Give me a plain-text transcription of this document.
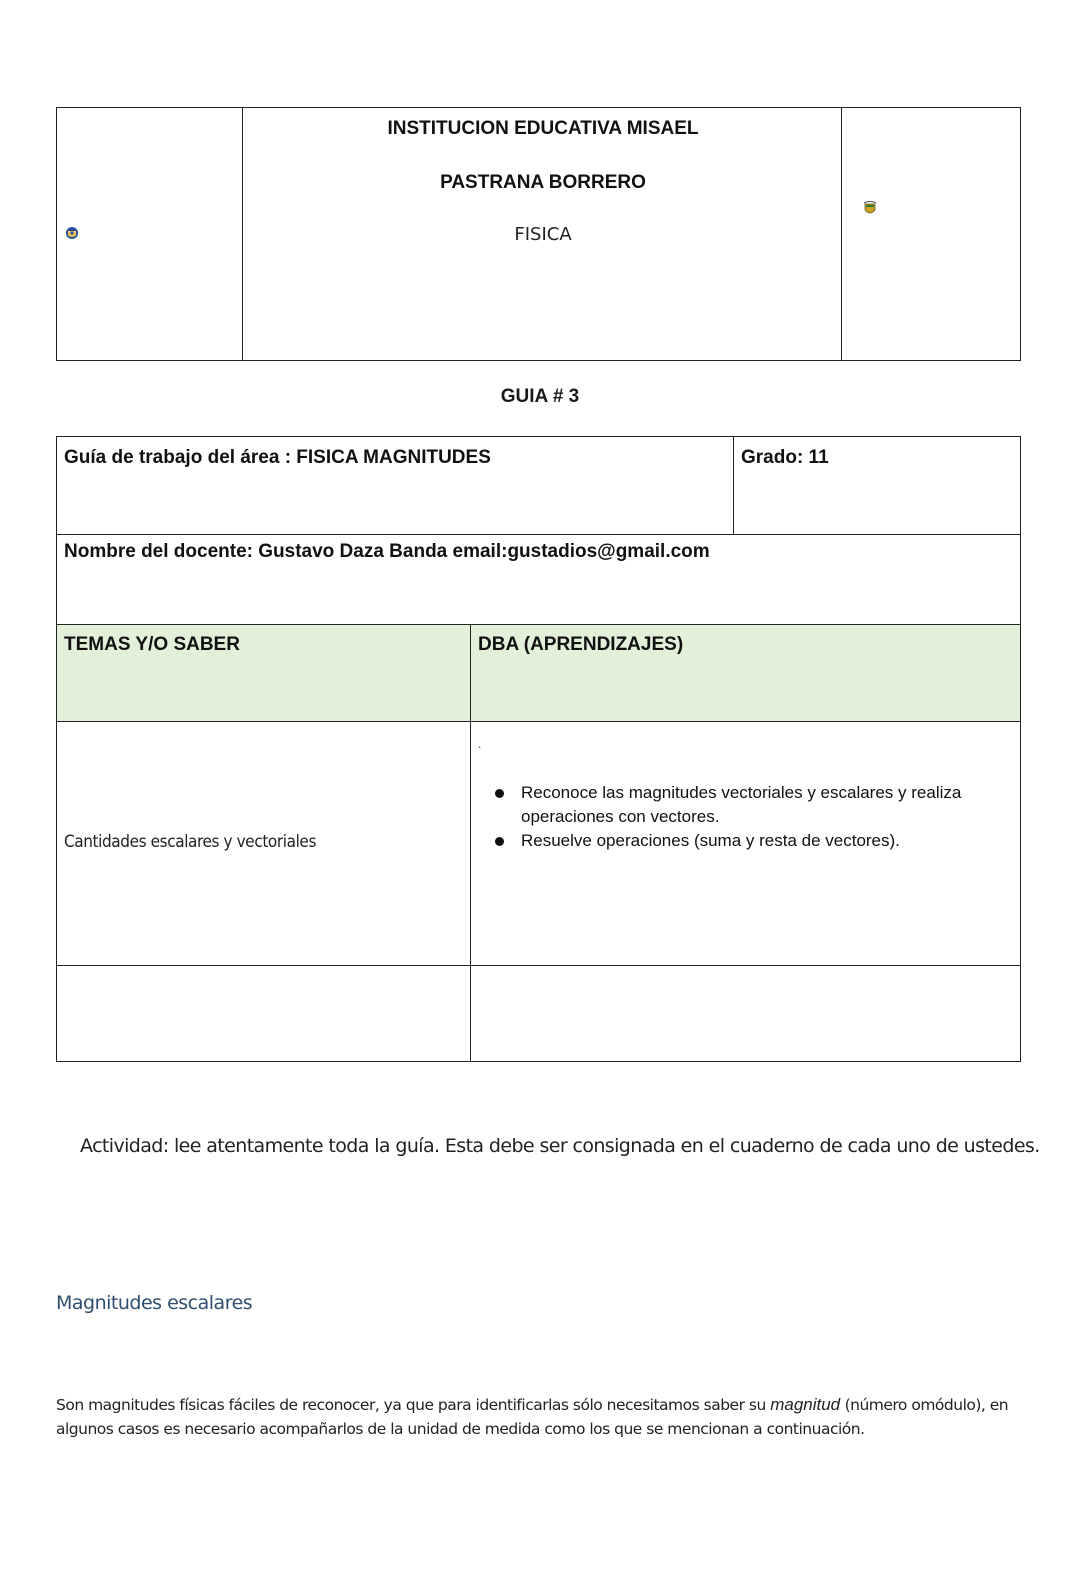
INSTITUCION EDUCATIVA MISAEL
PASTRANA BORRERO
FISICA
GUIA # 3
Guía de trabajo del área : FISICA MAGNITUDES	Grado: 11
Nombre del docente: Gustavo Daza Banda email:gustadios@gmail.com
TEMAS Y/O SABER	DBA (APRENDIZAJES)
Cantidades escalares y vectoriales
.
Reconoce las magnitudes vectoriales y escalares y realiza operaciones con vectores.
Resuelve operaciones (suma y resta de vectores).
Actividad: lee atentamente toda la guía. Esta debe ser consignada en el cuaderno de cada uno de ustedes.
Magnitudes escalares
Son magnitudes físicas fáciles de reconocer, ya que para identificarlas sólo necesitamos saber su magnitud (número omódulo), en algunos casos es necesario acompañarlos de la unidad de medida como los que se mencionan a continuación.
